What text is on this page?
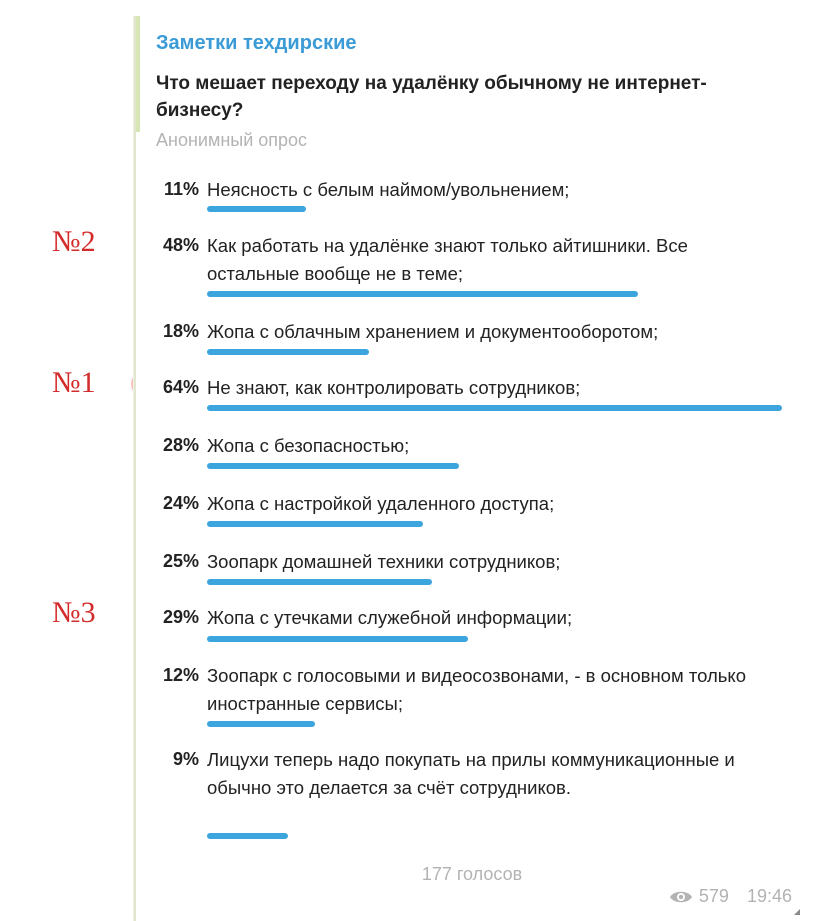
№2
№1
№3
Заметки техдирские
Что мешает переходу на удалёнку обычному не интернет-бизнесу?
Анонимный опрос
11% Неясность с белым наймом/увольнением;
48% Как работать на удалёнке знают только айтишники. Все остальные вообще не в теме;
18% Жопа с облачным хранением и документооборотом;
64% Не знают, как контролировать сотрудников;
28% Жопа с безопасностью;
24% Жопа с настройкой удаленного доступа;
25% Зоопарк домашней техники сотрудников;
29% Жопа с утечками служебной информации;
12% Зоопарк с голосовыми и видеосозвонами, - в основном только иностранные сервисы;
9% Лицухи теперь надо покупать на прилы коммуникационные и обычно это делается за счёт сотрудников.
177 голосов
579 19:46
